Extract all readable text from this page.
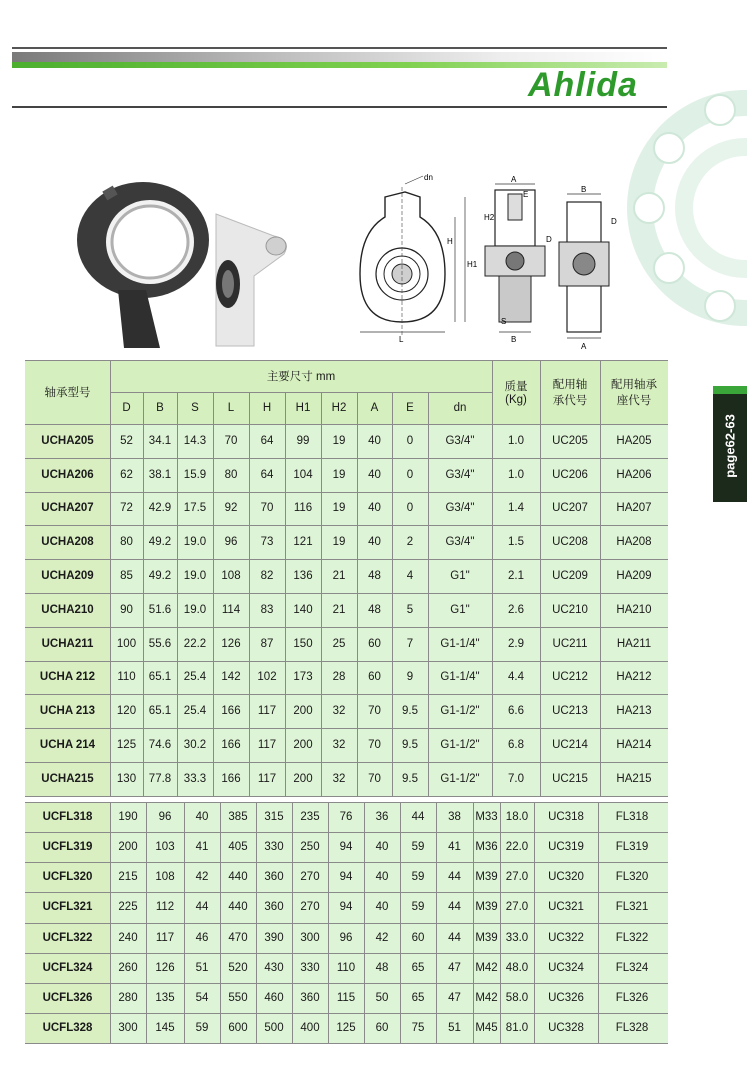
Ahlida
dn
H
H1
L
A
E
H2
S
B
D
B
A
D
page62-63
轴承型号
主要尺寸 mm
D	B	S	L	H	H1	H2	A	E	dn
质量
(Kg)
配用轴
承代号
配用轴承
座代号
UCHA205	52	34.1	14.3	70	64	99	19	40	0	G3/4"	1.0	UC205	HA205
UCHA206	62	38.1	15.9	80	64	104	19	40	0	G3/4"	1.0	UC206	HA206
UCHA207	72	42.9	17.5	92	70	116	19	40	0	G3/4"	1.4	UC207	HA207
UCHA208	80	49.2	19.0	96	73	121	19	40	2	G3/4"	1.5	UC208	HA208
UCHA209	85	49.2	19.0	108	82	136	21	48	4	G1"	2.1	UC209	HA209
UCHA210	90	51.6	19.0	114	83	140	21	48	5	G1"	2.6	UC210	HA210
UCHA211	100	55.6	22.2	126	87	150	25	60	7	G1-1/4"	2.9	UC211	HA211
UCHA 212	110	65.1	25.4	142	102	173	28	60	9	G1-1/4"	4.4	UC212	HA212
UCHA 213	120	65.1	25.4	166	117	200	32	70	9.5	G1-1/2"	6.6	UC213	HA213
UCHA 214	125	74.6	30.2	166	117	200	32	70	9.5	G1-1/2"	6.8	UC214	HA214
UCHA215	130	77.8	33.3	166	117	200	32	70	9.5	G1-1/2"	7.0	UC215	HA215
UCFL318	190	96	40	385	315	235	76	36	44	38	M33 18.0	UC318	FL318
UCFL319	200	103	41	405	330	250	94	40	59	41	M36 22.0	UC319	FL319
UCFL320	215	108	42	440	360	270	94	40	59	44	M39 27.0	UC320	FL320
UCFL321	225	112	44	440	360	270	94	40	59	44	M39 27.0	UC321	FL321
UCFL322	240	117	46	470	390	300	96	42	60	44	M39 33.0	UC322	FL322
UCFL324	260	126	51	520	430	330	110	48	65	47	M42 48.0	UC324	FL324
UCFL326	280	135	54	550	460	360	115	50	65	47	M42 58.0	UC326	FL326
UCFL328	300	145	59	600	500	400	125	60	75	51	M45 81.0	UC328	FL328
